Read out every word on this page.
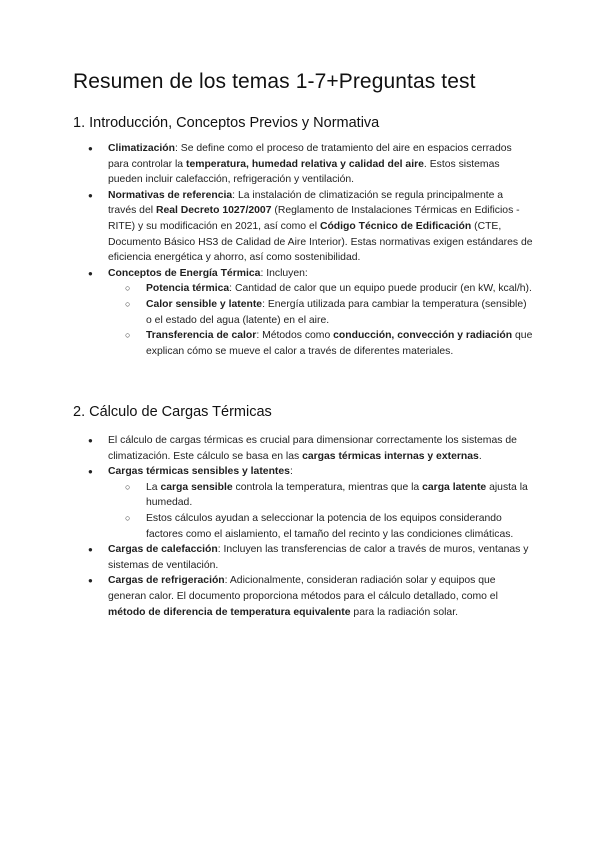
Resumen de los temas 1-7+Preguntas test
1. Introducción, Conceptos Previos y Normativa
● Climatización: Se define como el proceso de tratamiento del aire en espacios cerrados para controlar la temperatura, humedad relativa y calidad del aire. Estos sistemas pueden incluir calefacción, refrigeración y ventilación.
● Normativas de referencia: La instalación de climatización se regula principalmente a través del Real Decreto 1027/2007 (Reglamento de Instalaciones Térmicas en Edificios - RITE) y su modificación en 2021, así como el Código Técnico de Edificación (CTE, Documento Básico HS3 de Calidad de Aire Interior). Estas normativas exigen estándares de eficiencia energética y ahorro, así como sostenibilidad.
● Conceptos de Energía Térmica: Incluyen:
○ Potencia térmica: Cantidad de calor que un equipo puede producir (en kW, kcal/h).
○ Calor sensible y latente: Energía utilizada para cambiar la temperatura (sensible) o el estado del agua (latente) en el aire.
○ Transferencia de calor: Métodos como conducción, convección y radiación que explican cómo se mueve el calor a través de diferentes materiales.
2. Cálculo de Cargas Térmicas
● El cálculo de cargas térmicas es crucial para dimensionar correctamente los sistemas de climatización. Este cálculo se basa en las cargas térmicas internas y externas.
● Cargas térmicas sensibles y latentes:
○ La carga sensible controla la temperatura, mientras que la carga latente ajusta la humedad.
○ Estos cálculos ayudan a seleccionar la potencia de los equipos considerando factores como el aislamiento, el tamaño del recinto y las condiciones climáticas.
● Cargas de calefacción: Incluyen las transferencias de calor a través de muros, ventanas y sistemas de ventilación.
● Cargas de refrigeración: Adicionalmente, consideran radiación solar y equipos que generan calor. El documento proporciona métodos para el cálculo detallado, como el método de diferencia de temperatura equivalente para la radiación solar.
